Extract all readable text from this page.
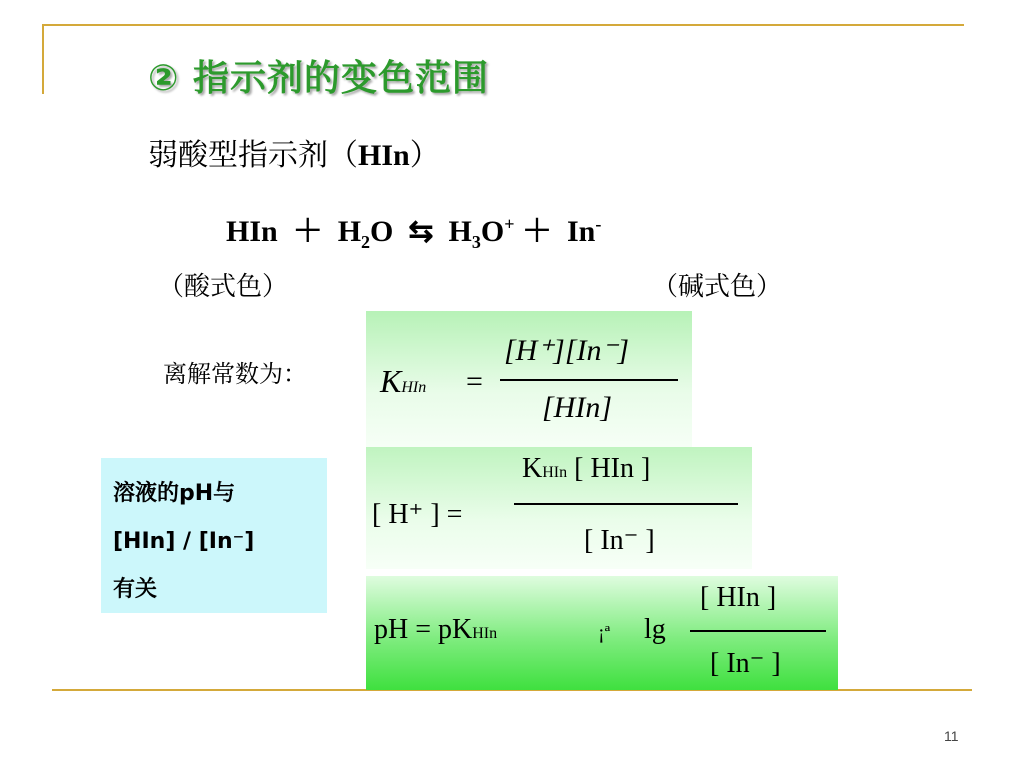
② 指示剂的变色范围
弱酸型指示剂（HIn）
HIn ＋ $H_2O$ ⇆ $H_3O^+ + In^-$
（酸式色）	（碱式色）
离解常数为： KHIn =
[H⁺][In⁻]
[HIn]
[ H⁺ ] =
KHIn [ HIn ]
[ In⁻ ]
pH = pKHIn	¡ª lg
[ HIn ]
[ In⁻ ]
溶液的pH与
[HIn] / [In⁻]
有关
11
